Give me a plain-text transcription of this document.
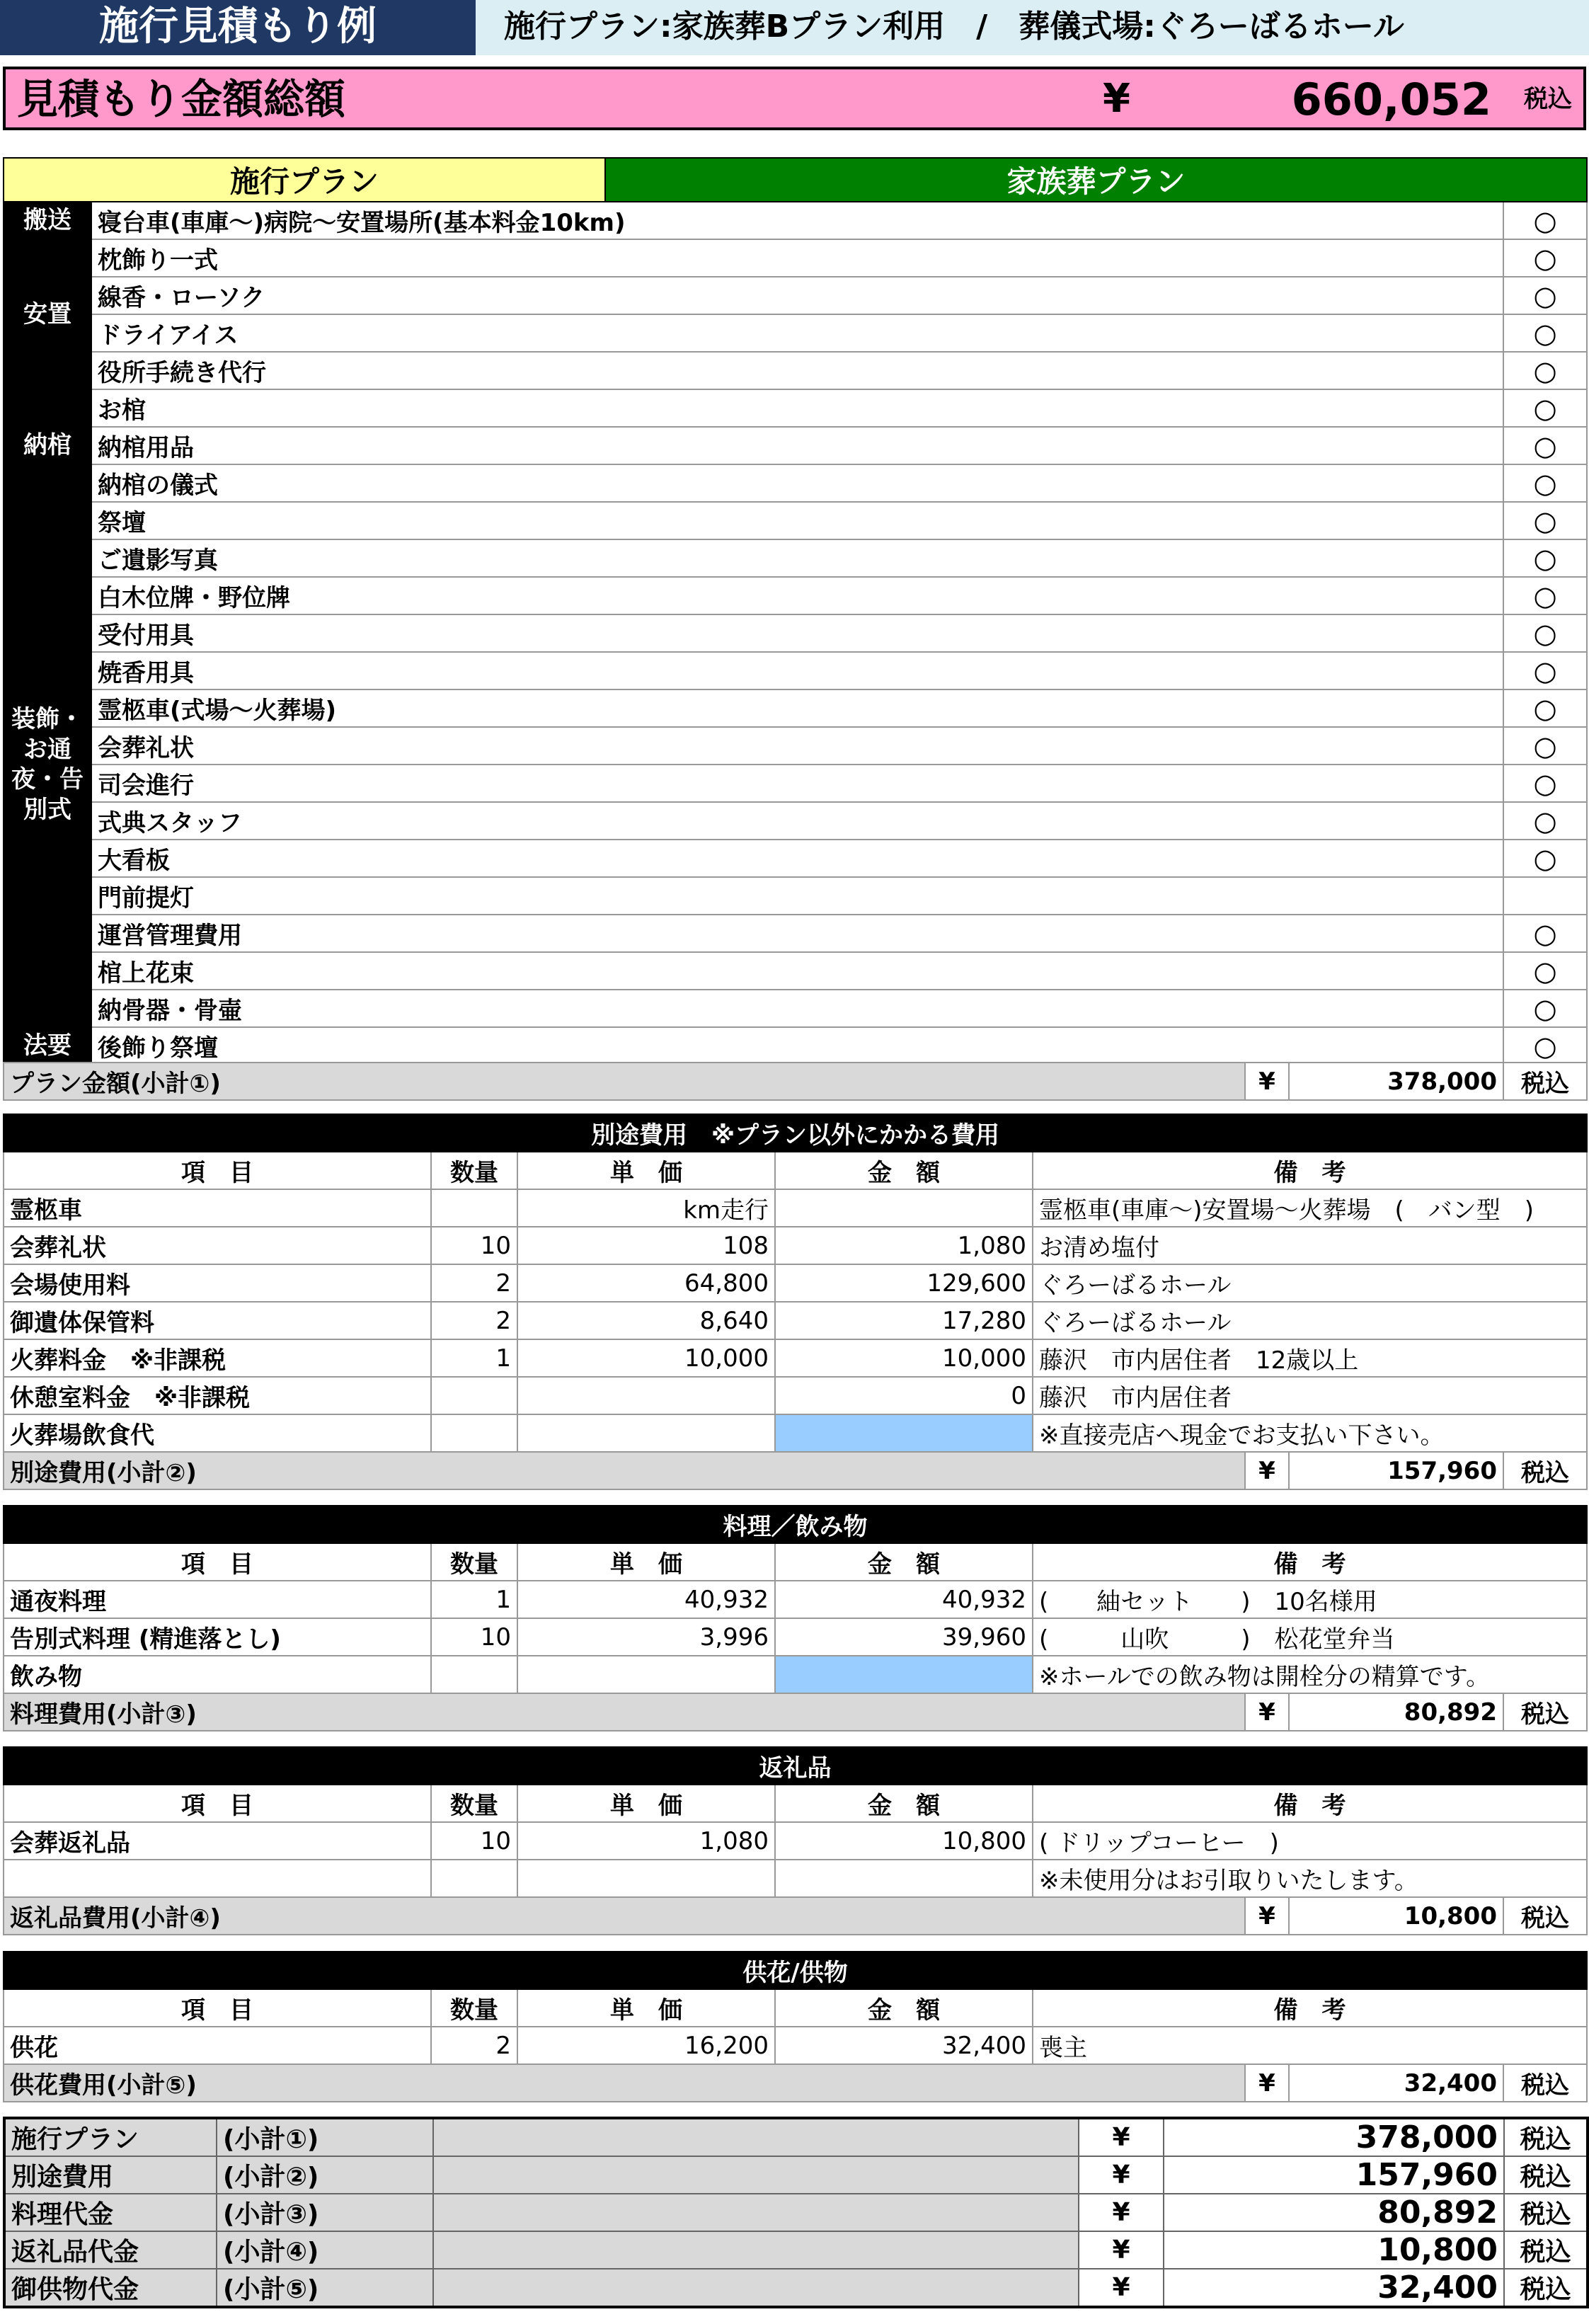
施行見積もり例	施行プラン:家族葬Bプラン利用　/　葬儀式場:ぐろーばるホール
見積もり金額総額	¥	660,052 税込
施行プラン		家族葬プラン	
搬送	寝台車(車庫～)病院～安置場所(基本料金10km)		○
安置	枕飾り一式		○
	線香・ローソク		○
	ドライアイス		○
	役所手続き代行		○
納棺	お棺		○
	納棺用品		○
	納棺の儀式		○
装飾・お通夜・告別式	祭壇		○
	ご遺影写真		○
	白木位牌・野位牌		○
	受付用具		○
	焼香用具		○
	霊柩車(式場～火葬場)		○
	会葬礼状		○
	司会進行		○
	式典スタッフ		○
	大看板		○
	門前提灯		
	運営管理費用		○
	棺上花束		○
	納骨器・骨壷		○
法要	後飾り祭壇		○
プラン金額(小計①)	¥	378,000	税込
別途費用　※プラン以外にかかる費用				
項　目	数量	単　価	金　額	備　考
霊柩車		km走行		霊柩車(車庫～)安置場～火葬場　(　バン型　)
会葬礼状	10	108	1,080	お清め塩付
会場使用料	2	64,800	129,600	ぐろーばるホール
御遺体保管料	2	8,640	17,280	ぐろーばるホール
火葬料金　※非課税	1	10,000	10,000	藤沢　市内居住者　12歳以上
休憩室料金　※非課税			0	藤沢　市内居住者
火葬場飲食代				※直接売店へ現金でお支払い下さい。
別途費用(小計②)	¥	157,960	税込
料理／飲み物				
項　目	数量	単　価	金　額	備　考
通夜料理	1	40,932	40,932	(　　紬セット　　)　10名様用
告別式料理 (精進落とし)	10	3,996	39,960	(　　　山吹　　　)　松花堂弁当
飲み物				※ホールでの飲み物は開栓分の精算です。
料理費用(小計③)	¥	80,892	税込
返礼品				
項　目	数量	単　価	金　額	備　考
会葬返礼品	10	1,080	10,800	( ドリップコーヒー　)
				※未使用分はお引取りいたします。
返礼品費用(小計④)	¥	10,800	税込
供花/供物				
項　目	数量	単　価	金　額	備　考
供花	2	16,200	32,400	喪主
供花費用(小計⑤)	¥	32,400	税込
施行プラン	(小計①)		¥	378,000	税込
別途費用	(小計②)		¥	157,960	税込
料理代金	(小計③)		¥	80,892	税込
返礼品代金	(小計④)		¥	10,800	税込
御供物代金	(小計⑤)		¥	32,400	税込
